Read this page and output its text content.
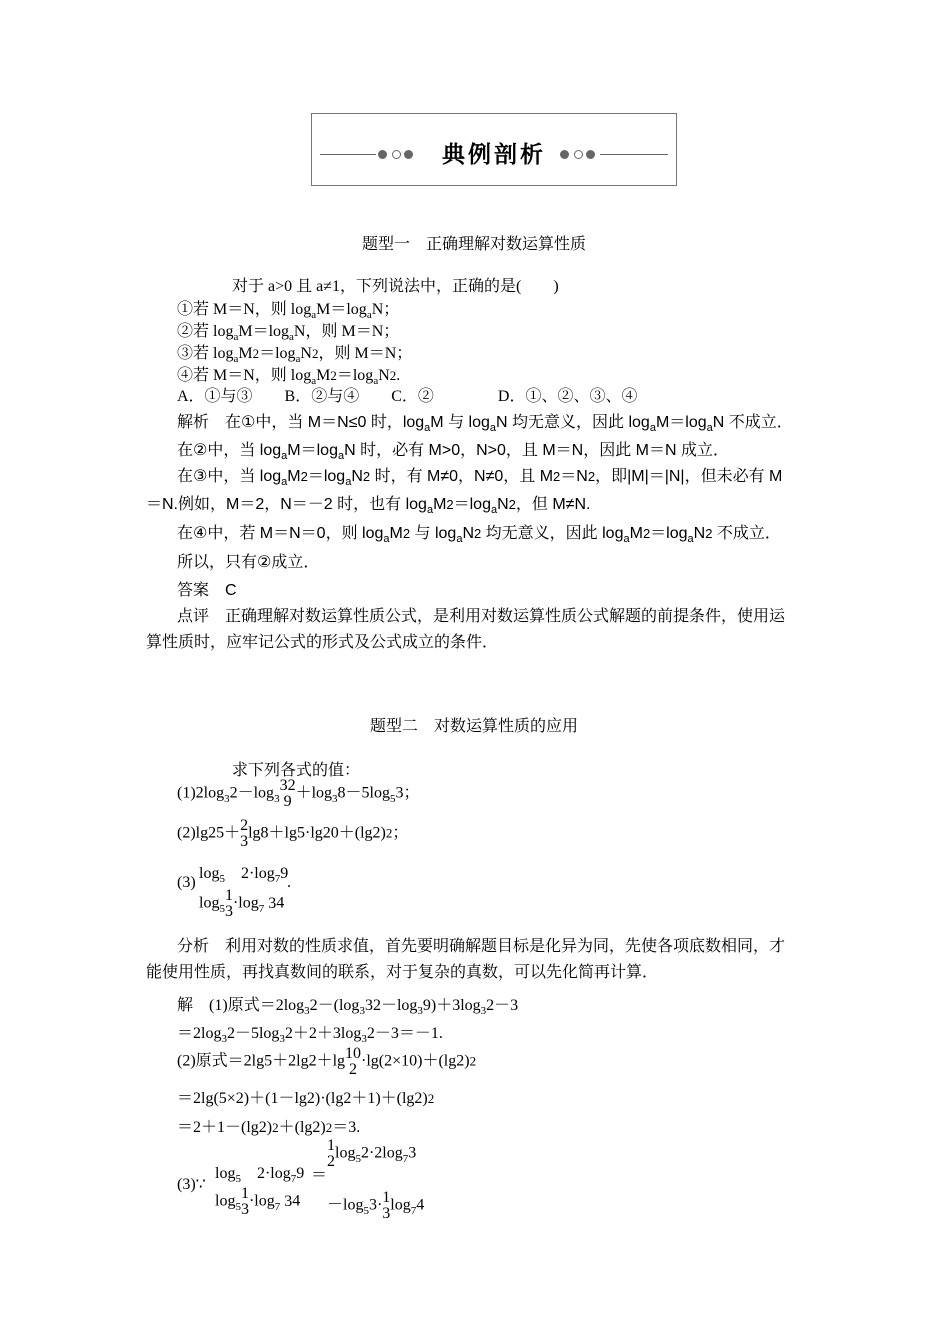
典例剖析
题型一　正确理解对数运算性质
对于 a>0 且 a≠1，下列说法中，正确的是(　　)
①若 M＝N，则 $\log_aM=\log_aN$；
②若 $\log_aM=\log_aN$，则 M＝N；
③若 $\log_aM2=\log_aN2$，则 M＝N；
④若 M＝N，则 $\log_aM2=\log_aN2$.
A．①与③　　B．②与④　　C．②　　　　D．①、②、③、④
解析　在①中，当 M＝N≤0 时，$\log_aM$ 与 $\log_aN$ 均无意义，因此 $\log_aM=\log_aN$ 不成立．
在②中，当 $\log_aM=\log_aN$ 时，必有 M>0，N>0，且 M＝N，因此 M＝N 成立．
在③中，当 $\log_aM2=\log_aN2$ 时，有 M≠0，N≠0，且 M2＝N2，即|M|＝|N|，但未必有 M
＝N.例如，M＝2，N＝－2 时，也有 $\log_aM2=\log_aN2$，但 M≠N.
在④中，若 M＝N＝0，则 $\log_aM2$ 与 $\log_aN2$ 均无意义，因此 $\log_aM2=\log_aN2$ 不成立．
所以，只有②成立．
答案　 C
点评　 正确理解对数运算性质公式，是利用对数运算性质公式解题的前提条件，使用运
算性质时，应牢记公式的形式及公式成立的条件．
题型二　对数运算性质的应用
求下列各式的值：
$(1)2\log_32-\log_3$
32
$9 +\log_38-5\log_53$；
(2)lg25＋ 2
3 lg8＋lg5·lg20＋(lg2)2；
(3)
$\log_5$　$2\cdot\log_79$
.
$\log_5$
1
$3 \cdot\log_7$ 3 4
分析　 利用对数的性质求值，首先要明确解题目标是化异为同，先使各项底数相同，才
能使用性质，再找真数间的联系，对于复杂的真数，可以先化简再计算．
解　(1)原式$=2\log_32-(\log_332-\log_39)+3\log_32-3$
$=2\log_32-5\log_32+2+3\log_32-3=-1$.
(2)原式＝2lg5＋2lg2＋lg 10
2 ·lg(2×10)＋(lg2)2
＝2lg(5×2)＋(1－lg2)·(lg2＋1)＋(lg2)2
＝2＋1－(lg2)2＋(lg2)2＝3.
(3)∵
$\log_5$　$2\cdot\log_79$
$\log_5$
1
$3 \cdot\log_7$ 3 4
＝
1
2 $\log_52\cdot 2\log_73$
$-\log_53\cdot 1$
3 $\log_74$
